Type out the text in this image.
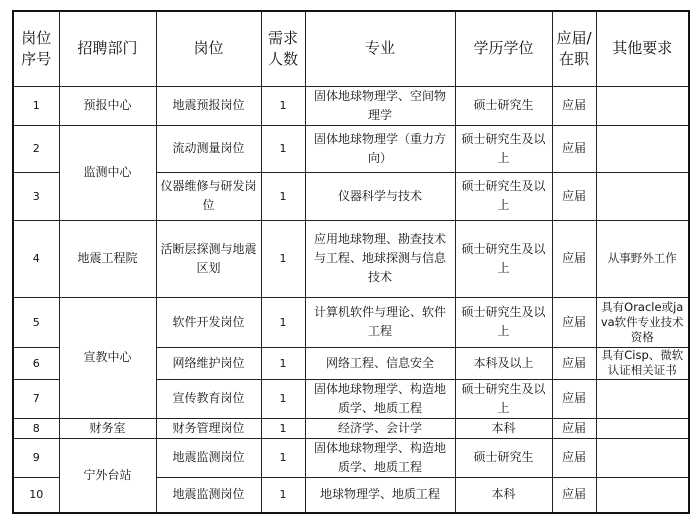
岗位序号	招聘部门	岗位	需求人数	专业	学历学位	应届/在职	其他要求
1	预报中心	地震预报岗位	1	固体地球物理学、空间物理学	硕士研究生	应届	
2	监测中心	流动测量岗位	1	固体地球物理学（重力方向）	硕士研究生及以上	应届	
3		仪器维修与研发岗位	1	仪器科学与技术	硕士研究生及以上	应届	
4	地震工程院	活断层探测与地震区划	1	应用地球物理、勘查技术与工程、地球探测与信息技术	硕士研究生及以上	应届	从事野外工作
5	宣教中心	软件开发岗位	1	计算机软件与理论、软件工程	硕士研究生及以上	应届	具有Oracle或java软件专业技术资格
6		网络维护岗位	1	网络工程、信息安全	本科及以上	应届	具有Cisp、微软认证相关证书
7		宣传教育岗位	1	固体地球物理学、构造地质学、地质工程	硕士研究生及以上	应届	
8	财务室	财务管理岗位	1	经济学、会计学	本科	应届	
9	宁外台站	地震监测岗位	1	固体地球物理学、构造地质学、地质工程	硕士研究生	应届	
10		地震监测岗位	1	地球物理学、地质工程	本科	应届	
